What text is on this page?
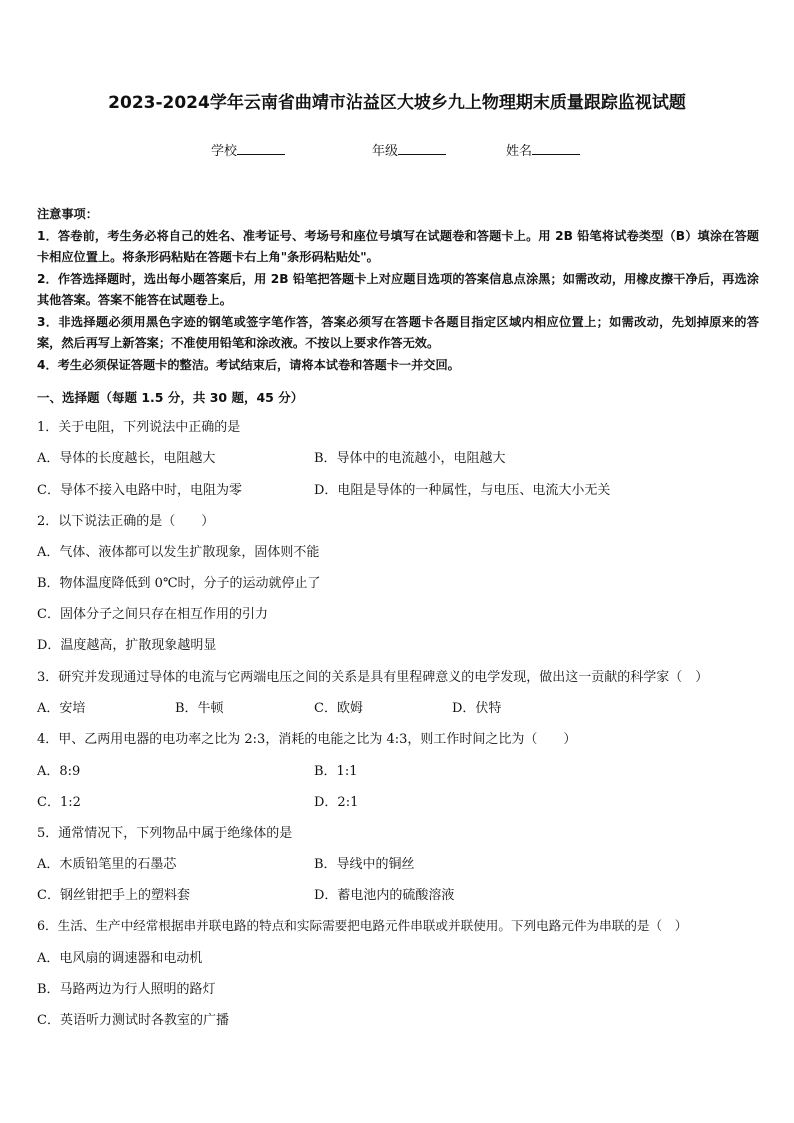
2023-2024学年云南省曲靖市沾益区大坡乡九上物理期末质量跟踪监视试题
学校	年级	姓名

注意事项：

1．答卷前，考生务必将自己的姓名、准考证号、考场号和座位号填写在试题卷和答题卡上。用 2B 铅笔将试卷类型（B）填涂在答题卡相应位置上。将条形码粘贴在答题卡右上角"条形码粘贴处"。

2．作答选择题时，选出每小题答案后，用 2B 铅笔把答题卡上对应题目选项的答案信息点涂黑；如需改动，用橡皮擦干净后，再选涂其他答案。答案不能答在试题卷上。

3．非选择题必须用黑色字迹的钢笔或签字笔作答，答案必须写在答题卡各题目指定区域内相应位置上；如需改动，先划掉原来的答案，然后再写上新答案；不准使用铅笔和涂改液。不按以上要求作答无效。

4．考生必须保证答题卡的整洁。考试结束后，请将本试卷和答题卡一并交回。

一、选择题（每题 1.5 分，共 30 题，45 分）
1．关于电阻，下列说法中正确的是
A．导体的长度越长，电阻越大	B．导体中的电流越小，电阻越大
C．导体不接入电路中时，电阻为零	D．电阻是导体的一种属性，与电压、电流大小无关
2．以下说法正确的是（　　）
A．气体、液体都可以发生扩散现象，固体则不能
B．物体温度降低到 0℃时，分子的运动就停止了
C．固体分子之间只存在相互作用的引力
D．温度越高，扩散现象越明显
3．研究并发现通过导体的电流与它两端电压之间的关系是具有里程碑意义的电学发现，做出这一贡献的科学家（　）
A．安培	B．牛顿	C．欧姆	D．伏特
4．甲、乙两用电器的电功率之比为 2:3，消耗的电能之比为 4:3，则工作时间之比为（　　）
A．8:9	B．1:1
C．1:2	D．2:1
5．通常情况下，下列物品中属于绝缘体的是
A．木质铅笔里的石墨芯	B．导线中的铜丝
C．钢丝钳把手上的塑料套	D．蓄电池内的硫酸溶液
6．生活、生产中经常根据串并联电路的特点和实际需要把电路元件串联或并联使用。下列电路元件为串联的是（　）
A．电风扇的调速器和电动机
B．马路两边为行人照明的路灯
C．英语听力测试时各教室的广播
